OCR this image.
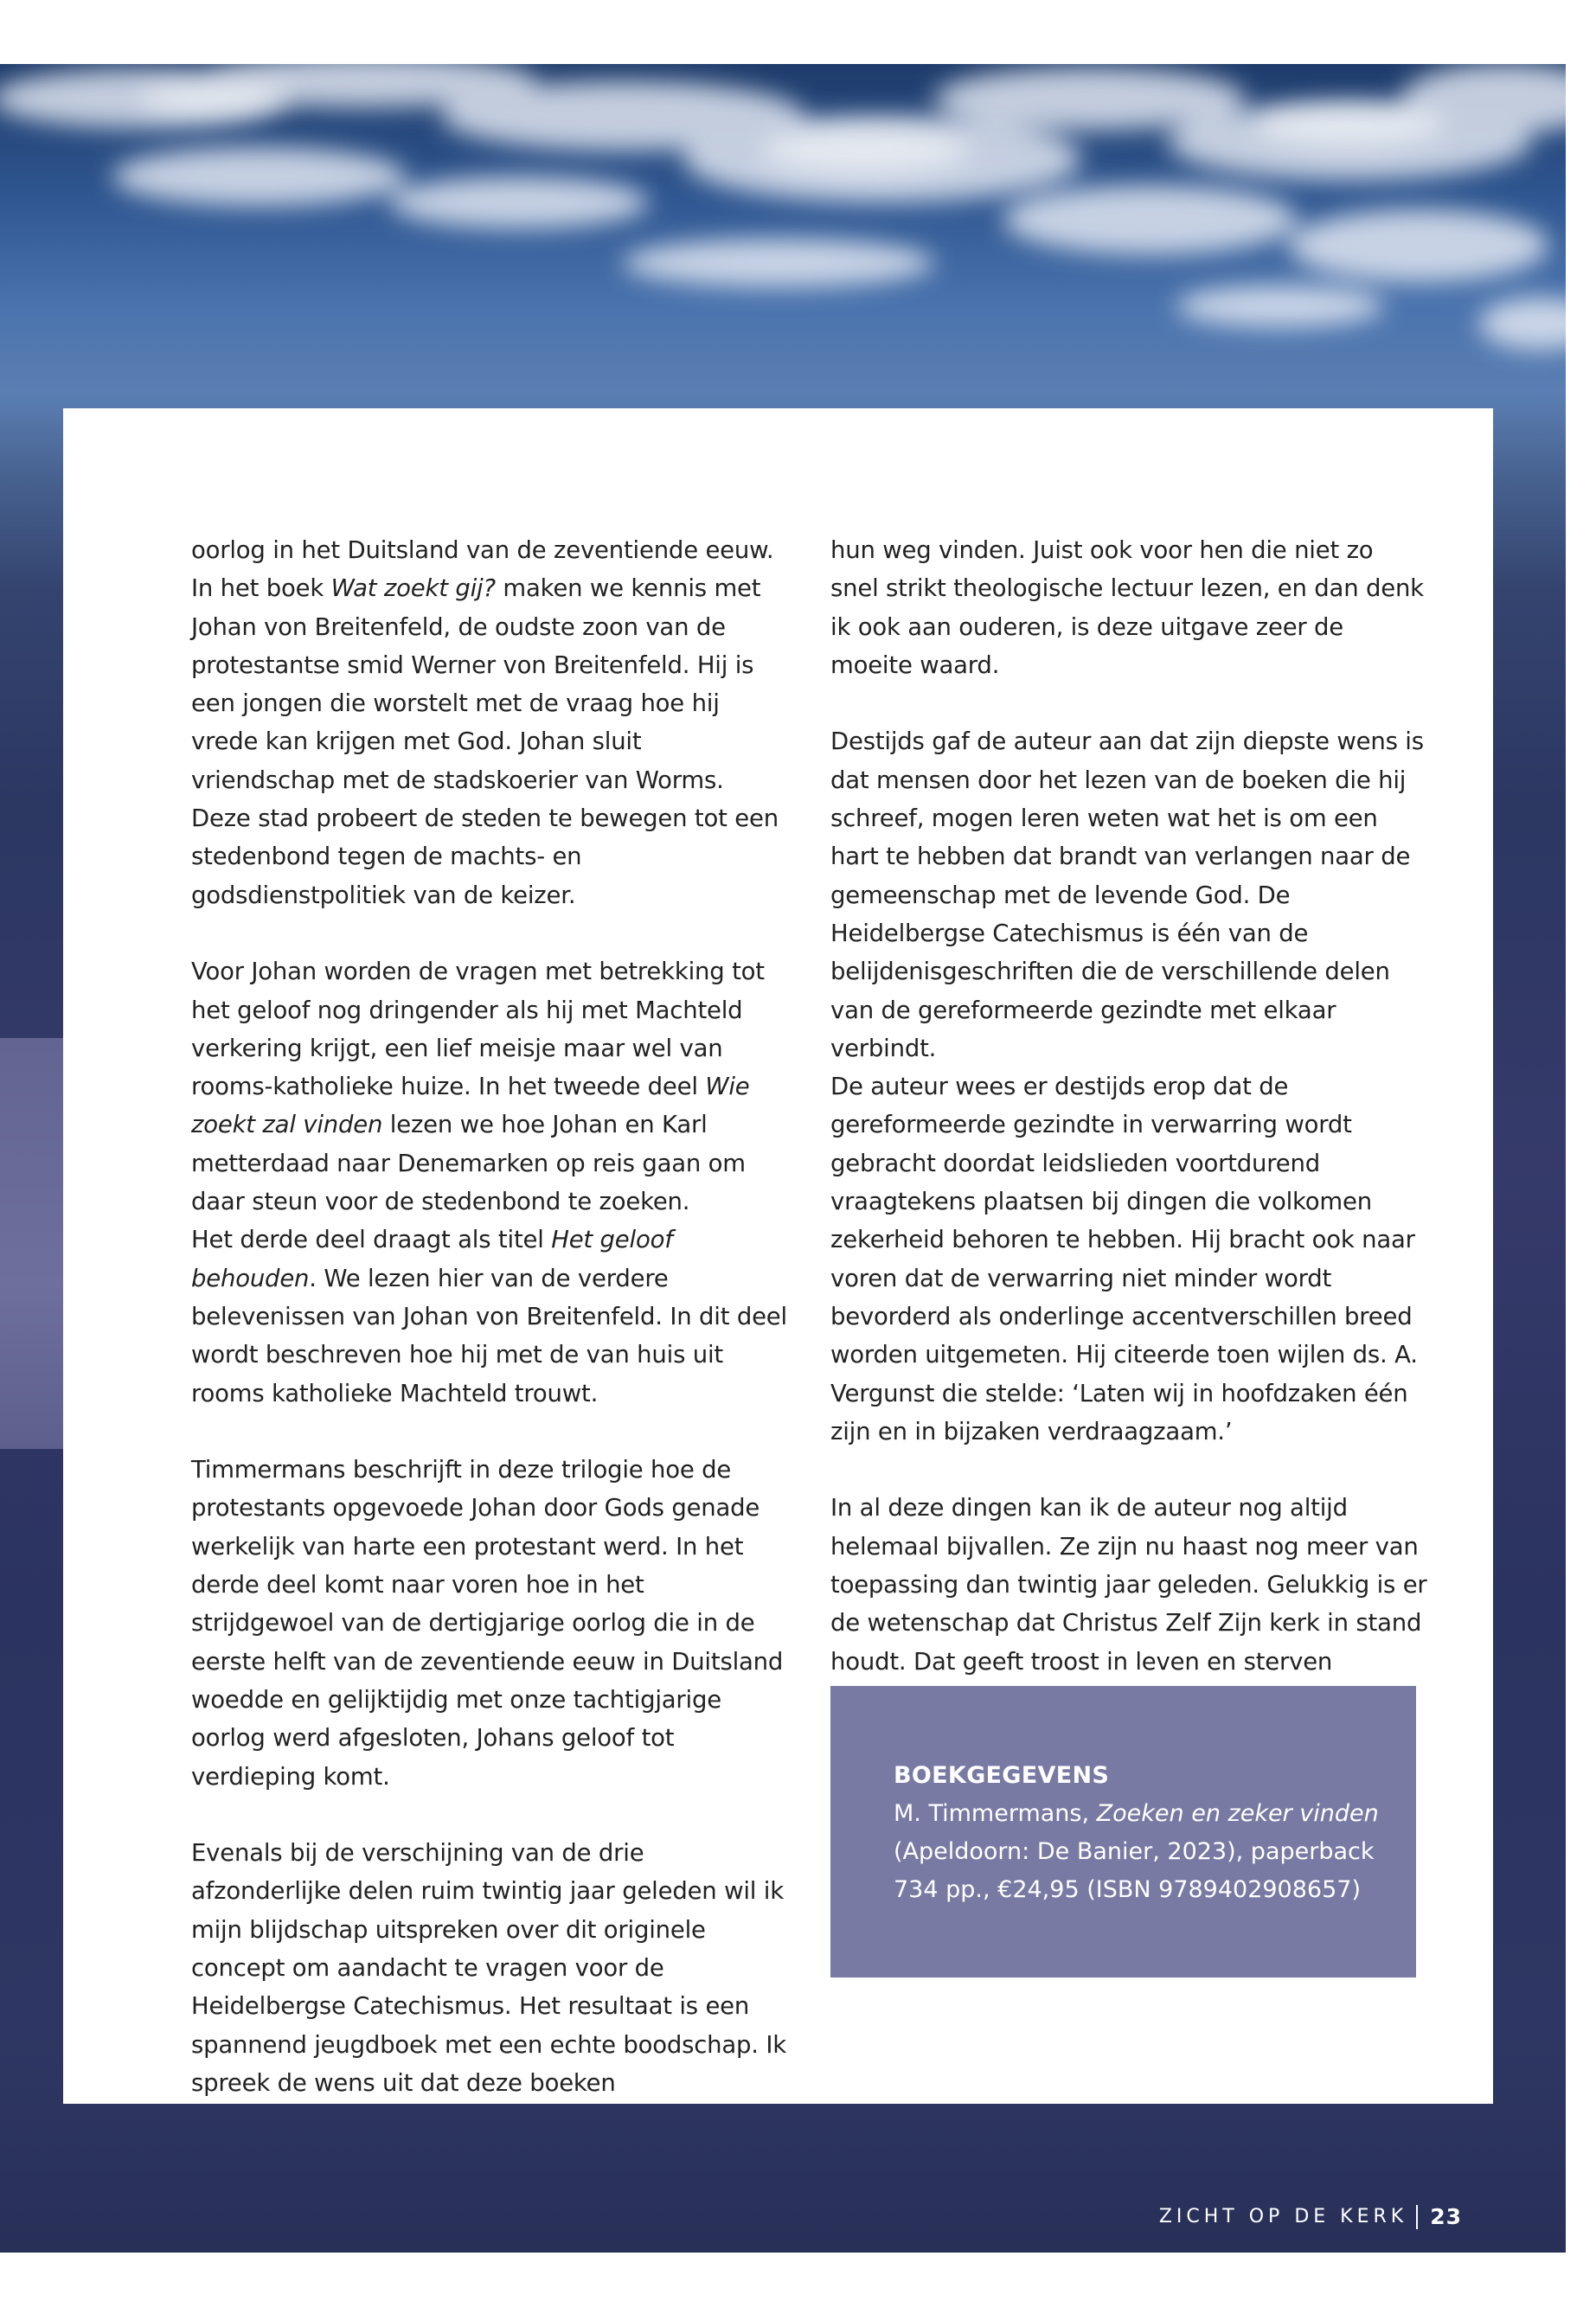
oorlog in het Duitsland van de zeventiende eeuw. In het boek Wat zoekt gij? maken we kennis met Johan von Breitenfeld, de oudste zoon van de protestantse smid Werner von Breitenfeld. Hij is een jongen die worstelt met de vraag hoe hij vrede kan krijgen met God. Johan sluit vriendschap met de stadskoerier van Worms. Deze stad probeert de steden te bewegen tot een stedenbond tegen de machts- en godsdienstpolitiek van de keizer.

Voor Johan worden de vragen met betrekking tot het geloof nog dringender als hij met Machteld verkering krijgt, een lief meisje maar wel van rooms-katholieke huize. In het tweede deel Wie zoekt zal vinden lezen we hoe Johan en Karl metterdaad naar Denemarken op reis gaan om daar steun voor de stedenbond te zoeken.

Het derde deel draagt als titel Het geloof behouden. We lezen hier van de verdere belevenissen van Johan von Breitenfeld. In dit deel wordt beschreven hoe hij met de van huis uit rooms katholieke Machteld trouwt.

Timmermans beschrijft in deze trilogie hoe de protestants opgevoede Johan door Gods genade werkelijk van harte een protestant werd. In het derde deel komt naar voren hoe in het strijdgewoel van de dertigjarige oorlog die in de eerste helft van de zeventiende eeuw in Duitsland woedde en gelijktijdig met onze tachtigjarige oorlog werd afgesloten, Johans geloof tot verdieping komt.

Evenals bij de verschijning van de drie afzonderlijke delen ruim twintig jaar geleden wil ik mijn blijdschap uitspreken over dit originele concept om aandacht te vragen voor de Heidelbergse Catechismus. Het resultaat is een spannend jeugdboek met een echte boodschap. Ik spreek de wens uit dat deze boeken

hun weg vinden. Juist ook voor hen die niet zo snel strikt theologische lectuur lezen, en dan denk ik ook aan ouderen, is deze uitgave zeer de moeite waard.

Destijds gaf de auteur aan dat zijn diepste wens is dat mensen door het lezen van de boeken die hij schreef, mogen leren weten wat het is om een hart te hebben dat brandt van verlangen naar de gemeenschap met de levende God. De Heidelbergse Catechismus is één van de belijdenisgeschriften die de verschillende delen van de gereformeerde gezindte met elkaar verbindt.

De auteur wees er destijds erop dat de gereformeerde gezindte in verwarring wordt gebracht doordat leidslieden voortdurend vraagtekens plaatsen bij dingen die volkomen zekerheid behoren te hebben. Hij bracht ook naar voren dat de verwarring niet minder wordt bevorderd als onderlinge accentverschillen breed worden uitgemeten. Hij citeerde toen wijlen ds. A. Vergunst die stelde: ‘Laten wij in hoofdzaken één zijn en in bijzaken verdraagzaam.’

In al deze dingen kan ik de auteur nog altijd helemaal bijvallen. Ze zijn nu haast nog meer van toepassing dan twintig jaar geleden. Gelukkig is er de wetenschap dat Christus Zelf Zijn kerk in stand houdt. Dat geeft troost in leven en sterven

BOEKGEGEVENS
M. Timmermans, Zoeken en zeker vinden (Apeldoorn: De Banier, 2023), paperback 734 pp., €24,95 (ISBN 9789402908657)
ZICHT OP DE KERK 23
